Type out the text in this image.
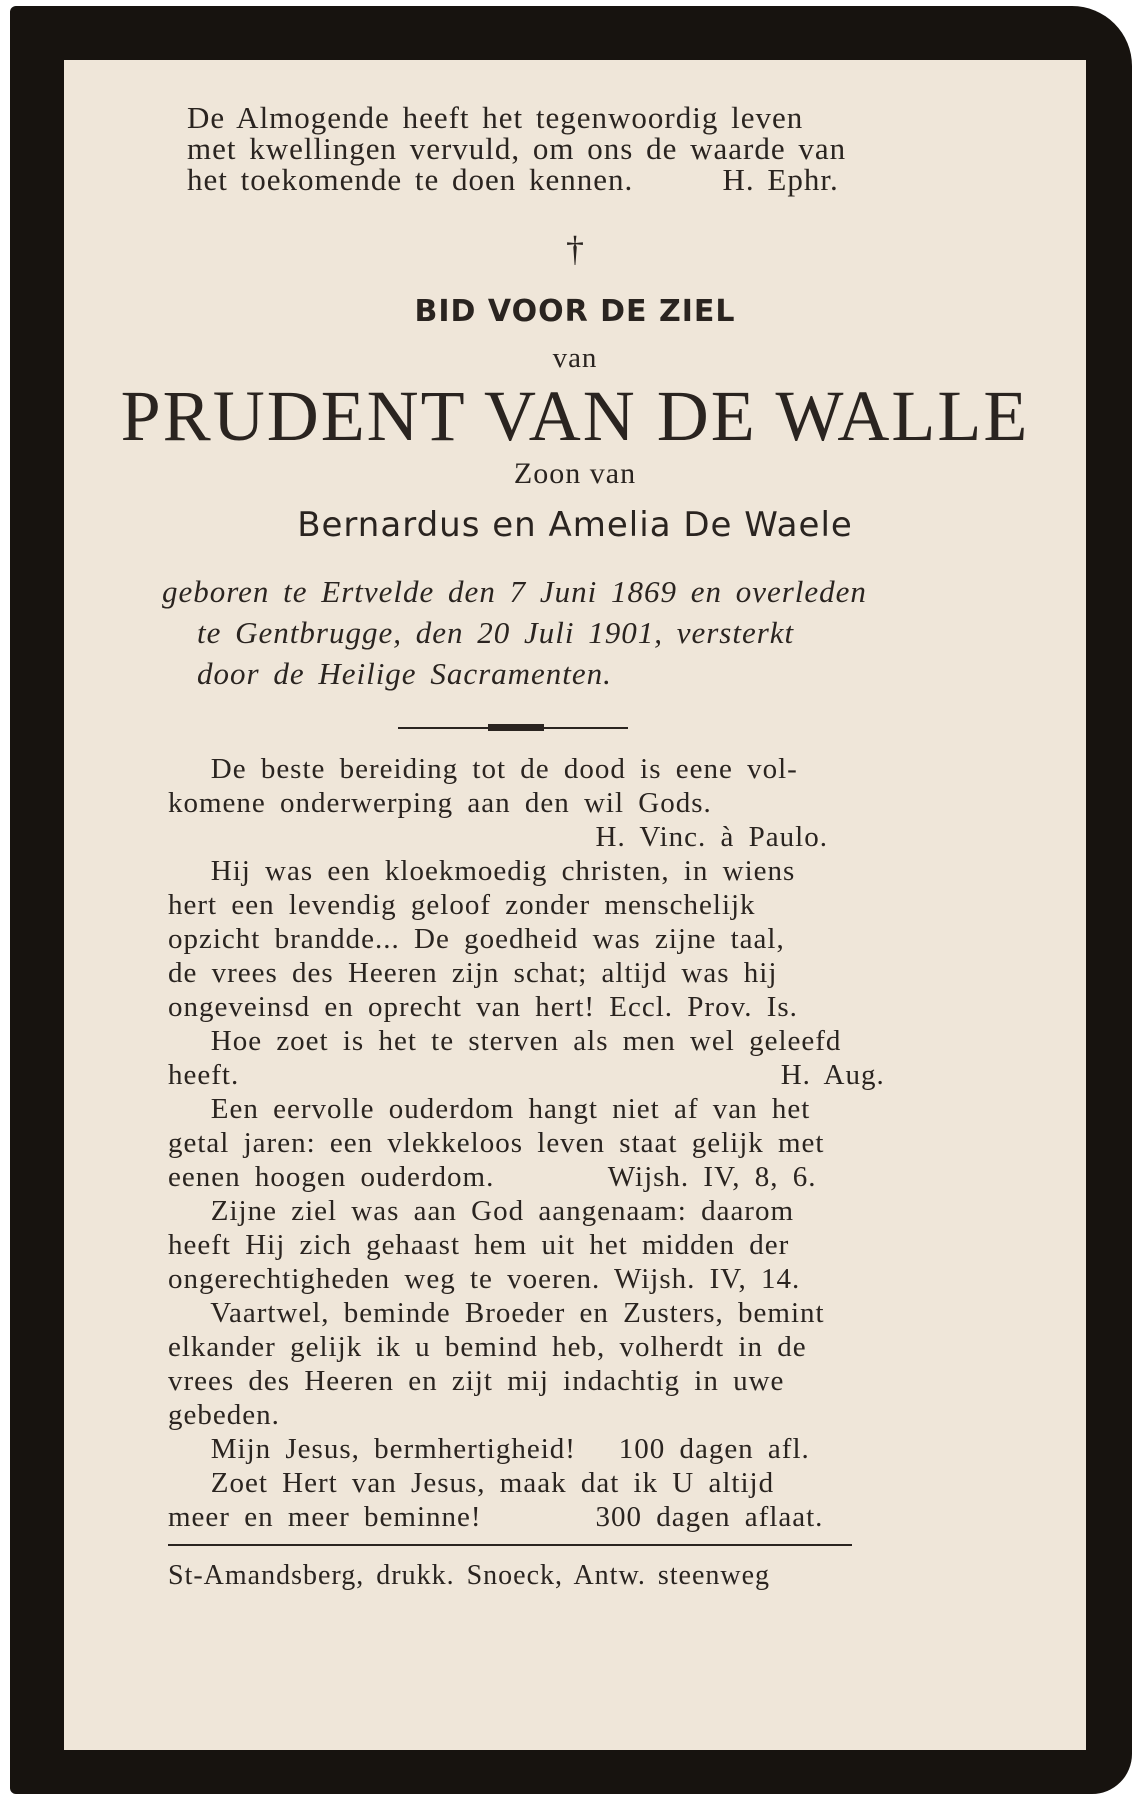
De Almogende heeft het tegenwoordig leven
met kwellingen vervuld, om ons de waarde van
het toekomende te doen kennen.       H. Ephr.
†
BID VOOR DE ZIEL
van
PRUDENT VAN DE WALLE
Zoon van
Bernardus en Amelia De Waele
geboren te Ertvelde den 7 Juni 1869 en overleden
te Gentbrugge, den 20 Juli 1901, versterkt
door de Heilige Sacramenten.
De beste bereiding tot de dood is eene vol-
komene onderwerping aan den wil Gods.
H. Vinc. à Paulo.
Hij was een kloekmoedig christen, in wiens
hert een levendig geloof zonder menschelijk
opzicht brandde... De goedheid was zijne taal,
de vrees des Heeren zijn schat; altijd was hij
ongeveinsd en oprecht van hert! Eccl. Prov. Is.
Hoe zoet is het te sterven als men wel geleefd
heeft.                                      H. Aug.
Een eervolle ouderdom hangt niet af van het
getal jaren: een vlekkeloos leven staat gelijk met
eenen hoogen ouderdom.        Wijsh. IV, 8, 6.
Zijne ziel was aan God aangenaam: daarom
heeft Hij zich gehaast hem uit het midden der
ongerechtigheden weg te voeren. Wijsh. IV, 14.
Vaartwel, beminde Broeder en Zusters, bemint
elkander gelijk ik u bemind heb, volherdt in de
vrees des Heeren en zijt mij indachtig in uwe
gebeden.
Mijn Jesus, bermhertigheid!   100 dagen afl.
Zoet Hert van Jesus, maak dat ik U altijd
meer en meer beminne!        300 dagen aflaat.
St-Amandsberg, drukk. Snoeck, Antw. steenweg
